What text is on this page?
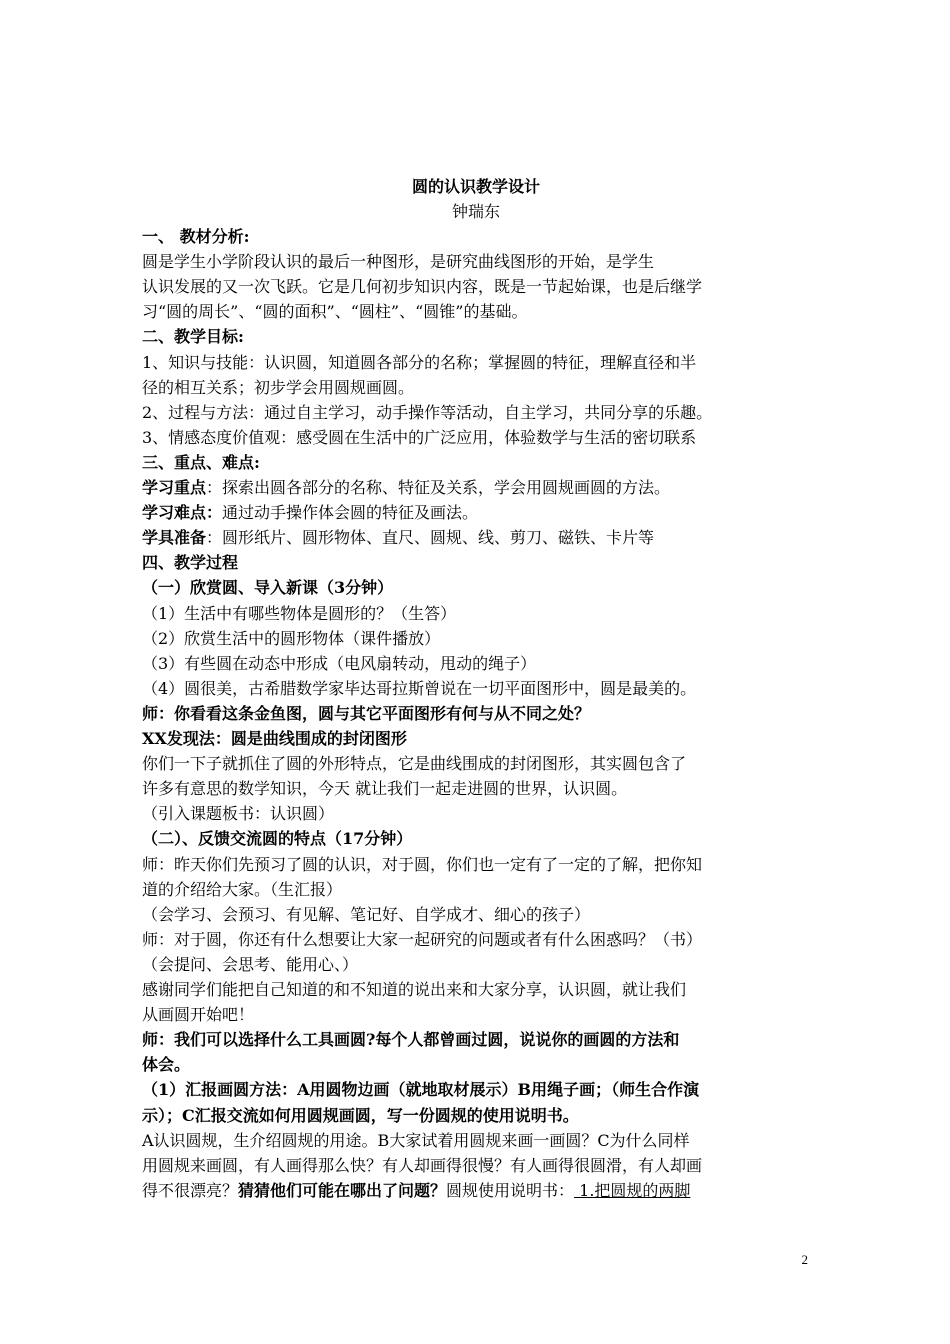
圆的认识教学设计
钟瑞东
一、 教材分析:
圆是学生小学阶段认识的最后一种图形，是研究曲线图形的开始，是学生
认识发展的又一次飞跃。它是几何初步知识内容，既是一节起始课，也是后继学
习“圆的周长”、“圆的面积”、“圆柱”、“圆锥”的基础。
二、教学目标:
1、知识与技能：认识圆，知道圆各部分的名称；掌握圆的特征，理解直径和半
径的相互关系；初步学会用圆规画圆。
2、过程与方法：通过自主学习，动手操作等活动，自主学习，共同分享的乐趣。
3、情感态度价值观：感受圆在生活中的广泛应用，体验数学与生活的密切联系
三、重点、难点:
学习重点：探索出圆各部分的名称、特征及关系，学会用圆规画圆的方法。
学习难点：通过动手操作体会圆的特征及画法。
学具准备：圆形纸片、圆形物体、直尺、圆规、线、剪刀、磁铁、卡片等
四、教学过程
（一）欣赏圆、导入新课（3分钟）
（1）生活中有哪些物体是圆形的？（生答）
（2）欣赏生活中的圆形物体（课件播放）
（3）有些圆在动态中形成（电风扇转动，甩动的绳子）
（4）圆很美，古希腊数学家毕达哥拉斯曾说在一切平面图形中，圆是最美的。
师：你看看这条金鱼图，圆与其它平面图形有何与从不同之处？
XX发现法：圆是曲线围成的封闭图形
你们一下子就抓住了圆的外形特点，它是曲线围成的封闭图形，其实圆包含了
许多有意思的数学知识，今天 就让我们一起走进圆的世界，认识圆。
（引入课题板书：认识圆）
（二）、反馈交流圆的特点（17分钟）
师：昨天你们先预习了圆的认识，对于圆，你们也一定有了一定的了解，把你知
道的介绍给大家。（生汇报）
（会学习、会预习、有见解、笔记好、自学成才、细心的孩子）
师：对于圆，你还有什么想要让大家一起研究的问题或者有什么困惑吗？（书）
（会提问、会思考、能用心、）
感谢同学们能把自己知道的和不知道的说出来和大家分享，认识圆，就让我们
从画圆开始吧！
师：我们可以选择什么工具画圆?每个人都曾画过圆，说说你的画圆的方法和
体会。
（1）汇报画圆方法：A用圆物边画（就地取材展示）B用绳子画；（师生合作演
示）；C汇报交流如何用圆规画圆，写一份圆规的使用说明书。
A认识圆规，生介绍圆规的用途。B大家试着用圆规来画一画圆？C为什么同样
用圆规来画圆，有人画得那么快？有人却画得很慢？有人画得很圆滑，有人却画
得不很漂亮？猜猜他们可能在哪出了问题？圆规使用说明书： 1.把圆规的两脚
2
